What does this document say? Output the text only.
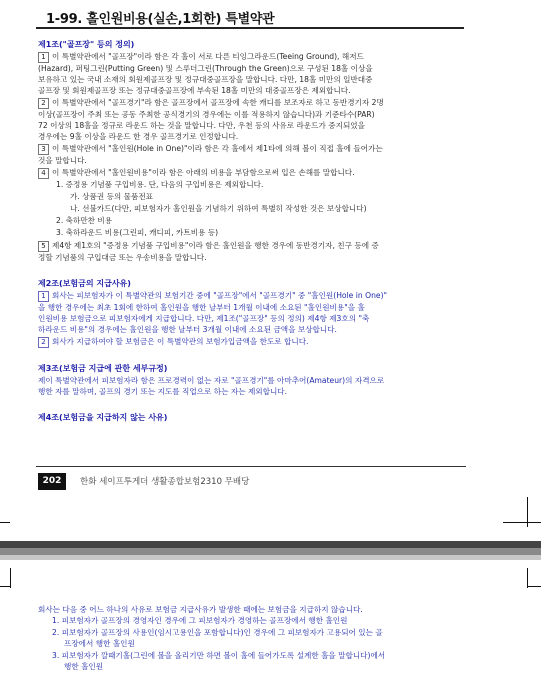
1-99. 홀인원비용(실손,1회한) 특별약관
제1조("골프장" 등의 정의)
1 이 특별약관에서 "골프장"이라 함은 각 홀이 서로 다른 티잉그라운드(Teeing Ground), 해저드
(Hazard), 퍼팅그린(Putting Green) 및 스루더그린(Through the Green)으로 구성된 18홀 이상을
보유하고 있는 국내 소재의 회원제골프장 및 정규대중골프장을 말합니다. 다만, 18홀 미만의 일반대중
골프장 및 회원제골프장 또는 정규대중골프장에 부속된 18홀 미만의 대중골프장은 제외합니다.
2 이 특별약관에서 "골프경기"라 함은 골프장에서 골프장에 속한 캐디를 보조자로 하고 동반경기자 2명
이상(골프장이 주최 또는 공동 주최한 공식경기의 경우에는 이를 적용하지 않습니다)과 기준타수(PAR)
72 이상의 18홀을 정규로 라운드 하는 것을 말합니다. 다만, 우천 등의 사유로 라운드가 중지되었을
경우에는 9홀 이상을 라운드 한 경우 골프경기로 인정합니다.
3 이 특별약관에서 "홀인원(Hole in One)"이라 함은 각 홀에서 제1타에 의해 볼이 직접 홀에 들어가는
것을 말합니다.
4 이 특별약관에서 "홀인원비용"이라 함은 아래의 비용을 부담함으로써 입은 손해를 말합니다.
1. 증정용 기념품 구입비용. 단, 다음의 구입비용은 제외합니다.
가. 상품권 등의 물품전표
나. 선불카드(다만, 피보험자가 홀인원을 기념하기 위하여 특별히 작성한 것은 보상합니다)
2. 축하만찬 비용
3. 축하라운드 비용(그린피, 캐디피, 카트비용 등)
5 제4항 제1호의 "증정용 기념품 구입비용"이라 함은 홀인원을 행한 경우에 동반경기자, 친구 등에 증
정할 기념품의 구입대금 또는 우송비용을 말합니다.
제2조(보험금의 지급사유)
1 회사는 피보험자가 이 특별약관의 보험기간 중에 "골프장"에서 "골프경기" 중 "홀인원(Hole in One)"
을 행한 경우에는 최초 1회에 한하여 홀인원을 행한 날부터 1개월 이내에 소요된 "홀인원비용"을 홀
인원비용 보험금으로 피보험자에게 지급합니다. 다만, 제1조("골프장" 등의 정의) 제4항 제3호의 "축
하라운드 비용"의 경우에는 홀인원을 행한 날부터 3개월 이내에 소요된 금액을 보상합니다.
2 회사가 지급하여야 할 보험금은 이 특별약관의 보험가입금액을 한도로 합니다.
제3조(보험금 지급에 관한 세부규정)
제이 특별약관에서 피보험자라 함은 프로경력이 없는 자로 "골프경기"를 아마추어(Amateur)의 자격으로
행한 자를 말하며, 골프의 경기 또는 지도를 직업으로 하는 자는 제외합니다.
제4조(보험금을 지급하지 않는 사유)
202	한화 세이프투게더 생활종합보험2310 무배당
회사는 다음 중 어느 하나의 사유로 보험금 지급사유가 발생한 때에는 보험금을 지급하지 않습니다.
1. 피보험자가 골프장의 경영자인 경우에 그 피보험자가 경영하는 골프장에서 행한 홀인원
2. 피보험자가 골프장의 사용인(임시고용인을 포함합니다)인 경우에 그 피보험자가 고용되어 있는 골
프장에서 행한 홀인원
3. 피보험자가 깔때기홀(그린에 볼을 올리기만 하면 볼이 홀에 들어가도록 설계한 홀을 말합니다)에서
행한 홀인원
